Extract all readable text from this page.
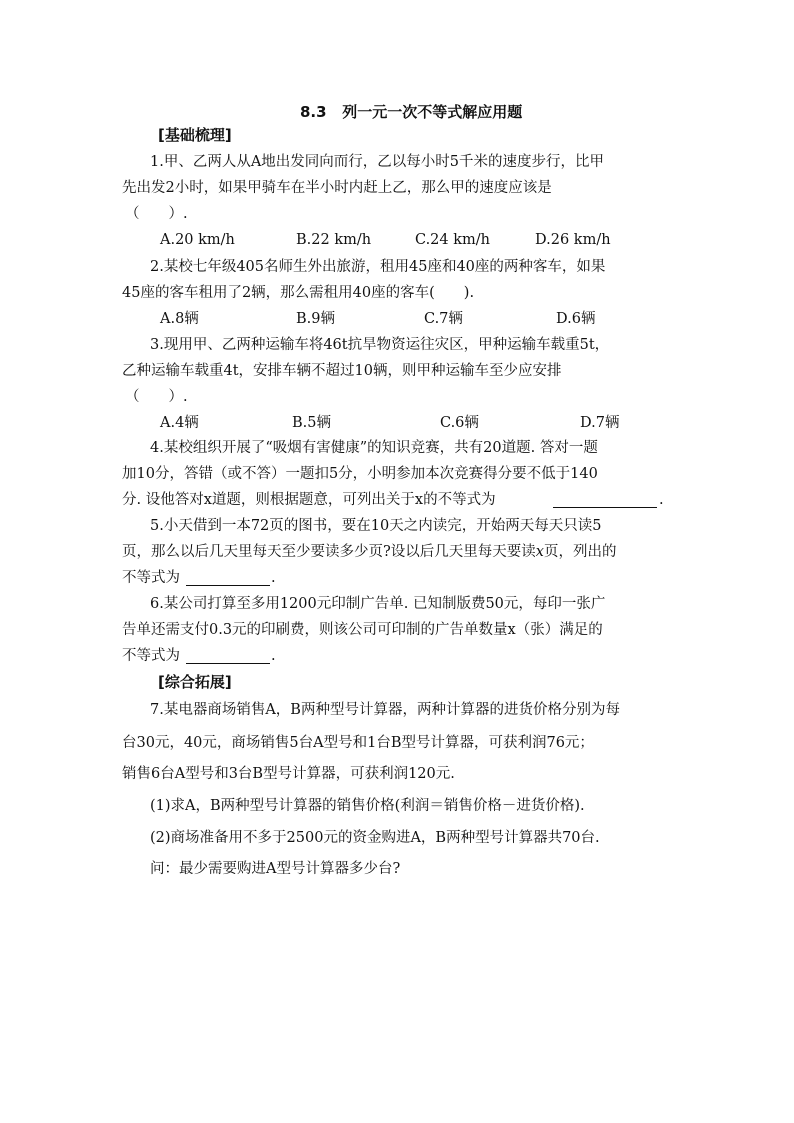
8.3   列一元一次不等式解应用题
[基础梳理]
1.甲、乙两人从A地出发同向而行，乙以每小时5千米的速度步行，比甲
先出发2小时，如果甲骑车在半小时内赶上乙，那么甲的速度应该是
（　　）.
A.20 km/h	B.22 km/h	C.24 km/h	D.26 km/h
2.某校七年级405名师生外出旅游，租用45座和40座的两种客车，如果
45座的客车租用了2辆，那么需租用40座的客车(　　).
A.8辆	B.9辆	C.7辆	D.6辆
3.现用甲、乙两种运输车将46t抗旱物资运往灾区，甲种运输车载重5t，
乙种运输车载重4t，安排车辆不超过10辆，则甲种运输车至少应安排
（　　）.
A.4辆	B.5辆	C.6辆	D.7辆
4.某校组织开展了“吸烟有害健康”的知识竞赛，共有20道题. 答对一题
加10分，答错（或不答）一题扣5分，小明参加本次竞赛得分要不低于140
分. 设他答对x道题，则根据题意，可列出关于x的不等式为	.
5.小天借到一本72页的图书，要在10天之内读完，开始两天每天只读5
页，那么以后几天里每天至少要读多少页?设以后几天里每天要读x页，列出的
不等式为	.
6.某公司打算至多用1200元印制广告单. 已知制版费50元，每印一张广
告单还需支付0.3元的印刷费，则该公司可印制的广告单数量x（张）满足的
不等式为	.
[综合拓展]
7.某电器商场销售A，B两种型号计算器，两种计算器的进货价格分别为每
台30元，40元，商场销售5台A型号和1台B型号计算器，可获利润76元；
销售6台A型号和3台B型号计算器，可获利润120元.
(1)求A，B两种型号计算器的销售价格(利润＝销售价格－进货价格).
(2)商场准备用不多于2500元的资金购进A，B两种型号计算器共70台.
问：最少需要购进A型号计算器多少台?
